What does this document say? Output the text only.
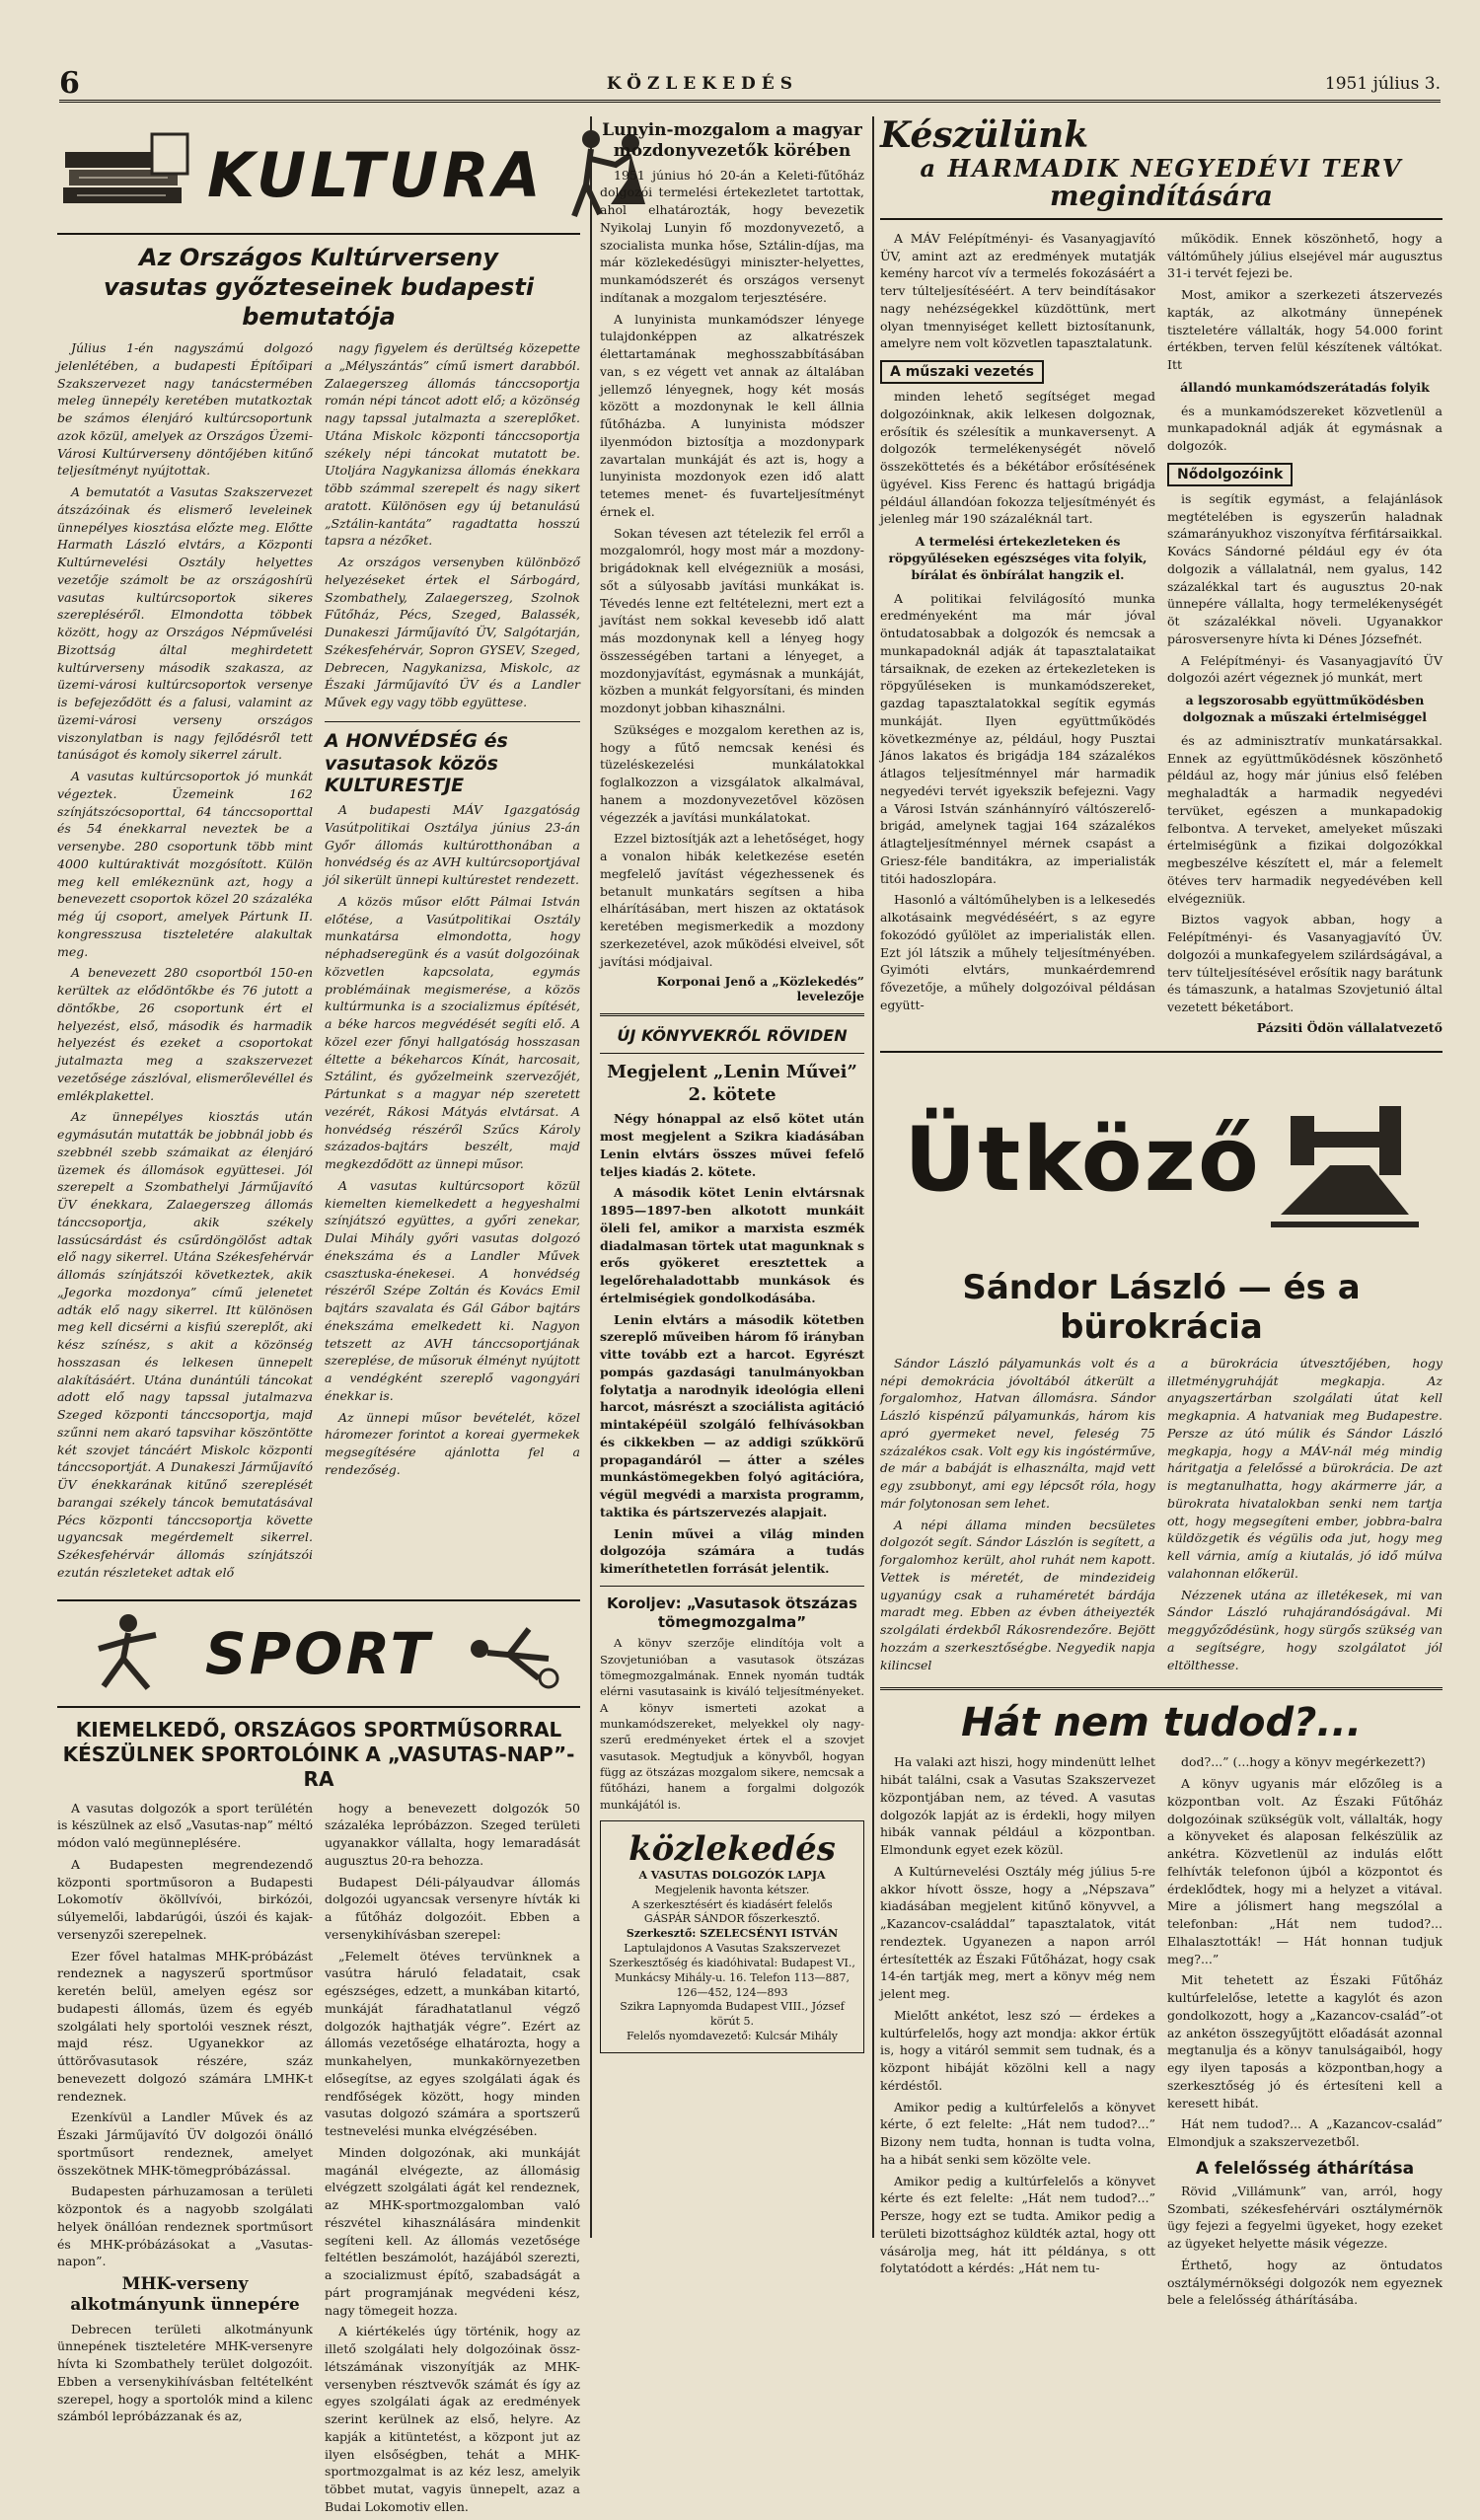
6	KÖZLEKEDÉS	1951 július 3.
KULTURA
Az Országos Kultúrverseny
vasutas győzteseinek budapesti bemutatója

Július 1-én nagyszámú dolgozó jelenlétében, a budapesti Építőipari Szakszervezet nagy tanácstermében meleg ünnepély keretében mutatkoztak be számos élenjáró kultúrcsoportunk azok közül, amelyek az Országos Üzemi-Városi Kultúrverseny döntőjében kitűnő teljesítményt nyújtottak.

A bemutatót a Vasutas Szakszervezet átszázóinak és elismerő leveleinek ünnepélyes kiosztása előzte meg. Előtte Harmath László elvtárs, a Központi Kultúrnevelési Osztály helyettes vezetője számolt be az országoshírü vasutas kultúrcsoportok sikeres szerepléséről. Elmondotta többek között, hogy az Országos Népművelési Bizottság által meghirdetett kultúrverseny második szakasza, az üzemi-városi kultúrcsoportok versenye is befejeződött és a falusi, valamint az üzemi-városi verseny országos viszonylatban is nagy fejlődésről tett tanúságot és komoly sikerrel zárult.

A vasutas kultúrcsoportok jó munkát végeztek. Üzemeink 162 színjátszócsoporttal, 64 tánccsoporttal és 54 énekkarral neveztek be a versenybe. 280 csoportunk több mint 4000 kultúraktivát mozgósított. Külön meg kell emlékeznünk azt, hogy a benevezett csoportok közel 20 százaléka még új csoport, amelyek Pártunk II. kongresszusa tiszteletére alakultak meg.

A benevezett 280 csoportból 150-en kerültek az elődöntőkbe és 76 jutott a döntőkbe, 26 csoportunk ért el helyezést, első, második és harmadik helyezést és ezeket a csoportokat jutalmazta meg a szakszervezet vezetősége zászlóval, elismerőlevéllel és emlékplakettel.

Az ünnepélyes kiosztás után egymásután mutatták be jobbnál jobb és szebbnél szebb számaikat az élenjáró üzemek és állomások együttesei. Jól szerepelt a Szombathelyi Járműjavító ÜV énekkara, Zalaegerszeg állomás tánccsoportja, akik székely lassúcsárdást és csűrdöngölőst adtak elő nagy sikerrel. Utána Székesfehérvár állomás színjátszói következtek, akik „Jegorka mozdonya” című jelenetet adták elő nagy sikerrel. Itt különösen meg kell dicsérni a kisfiú szereplőt, aki kész színész, s akit a közönség hosszasan és lelkesen ünnepelt alakításáért. Utána dunántúli táncokat adott elő nagy tapssal jutalmazva Szeged központi tánccsoportja, majd szűnni nem akaró tapsvihar köszöntötte két szovjet táncáért Miskolc központi tánccsoportját. A Dunakeszi Járműjavító ÜV énekkarának kitűnő szereplését barangai székely táncok bemutatásával Pécs központi tánccsoportja követte ugyancsak megérdemelt sikerrel. Székesfehérvár állomás színjátszói ezután részleteket adtak elő

nagy figyelem és derültség közepette a „Mélyszántás” című ismert darabból. Zalaegerszeg állomás tánccsoportja román népi táncot adott elő; a közönség nagy tapssal jutalmazta a szereplőket. Utána Miskolc központi tánccsoportja székely népi táncokat mutatott be. Utoljára Nagykanizsa állomás énekkara több számmal szerepelt és nagy sikert aratott. Különösen egy új betanulású „Sztálin-kantáta” ragadtatta hosszú tapsra a nézőket.

Az országos versenyben különböző helyezéseket értek el Sárbogárd, Szombathely, Zalaegerszeg, Szolnok Fűtőház, Pécs, Szeged, Balassék, Dunakeszi Járműjavító ÜV, Salgótarján, Székesfehérvár, Sopron GYSEV, Szeged, Debrecen, Nagykanizsa, Miskolc, az Északi Járműjavító ÜV és a Landler Művek egy vagy több együttese.

A HONVÉDSÉG és vasutasok közös KULTURESTJE

A budapesti MÁV Igazgatóság Vasútpolitikai Osztálya június 23-án Győr állomás kultúrotthonában a honvédség és az AVH kultúrcsoportjával jól sikerült ünnepi kultúrestet rendezett.

A közös műsor előtt Pálmai István előtése, a Vasútpolitikai Osztály munkatársa elmondotta, hogy néphadseregünk és a vasút dolgozóinak közvetlen kapcsolata, egymás problémáinak megismerése, a közös kultúrmunka is a szocializmus építését, a béke harcos megvédését segíti elő. A közel ezer főnyi hallgatóság hosszasan éltette a békeharcos Kínát, harcosait, Sztálint, és győzelmeink szervezőjét, Pártunkat s a magyar nép szeretett vezérét, Rákosi Mátyás elvtársat. A honvédség részéről Szűcs Károly százados-bajtárs beszélt, majd megkezdődött az ünnepi műsor.

A vasutas kultúrcsoport közül kiemelten kiemelkedett a hegyeshalmi színjátszó együttes, a győri zenekar, Dulai Mihály győri vasutas dolgozó énekszáma és a Landler Művek csasztuska-énekesei. A honvédség részéről Szépe Zoltán és Kovács Emil bajtárs szavalata és Gál Gábor bajtárs énekszáma emelkedett ki. Nagyon tetszett az AVH tánccsoportjának szereplése, de műsoruk élményt nyújtott a vendégként szereplő vagongyári énekkar is.

Az ünnepi műsor bevételét, közel háromezer forintot a koreai gyermekek megsegítésére ajánlotta fel a rendezőség.

SPORT
KIEMELKEDŐ, ORSZÁGOS SPORTMŰSORRAL KÉSZÜLNEK SPORTOLÓINK A „VASUTAS-NAP”-RA

A vasutas dolgozók a sport terülétén is készülnek az első „Vasutas-nap” méltó módon való megünneplésére.

A Budapesten megrendezendő központi sportműsoron a Budapesti Lokomotív ököllvívói, birkózói, súlyemelői, labdarúgói, úszói és kajak-versenyzői szerepelnek.

Ezer fővel hatalmas MHK-próbázást rendeznek a nagyszerű sportműsor keretén belül, amelyen egész sor budapesti állomás, üzem és egyéb szolgálati hely sportolói vesznek részt, majd rész. Ugyanekkor az úttörővasutasok részére, száz benevezett dolgozó számára LMHK-t rendeznek.

Ezenkívül a Landler Művek és az Északi Járműjavító ÜV dolgozói önálló sportműsort rendeznek, amelyet összekötnek MHK-tömegpróbázással.

Budapesten párhuzamosan a területi központok és a nagyobb szolgálati helyek önállóan rendeznek sportműsort és MHK-próbázásokat a „Vasutas-napon”.

MHK-verseny alkotmányunk ünnepére

Debrecen területi alkotmányunk ünnepének tiszteletére MHK-versenyre hívta ki Szombathely terület dolgozóit. Ebben a versenykihívásban feltételként szerepel, hogy a sportolók mind a kilenc számból lepróbázzanak és az,

hogy a benevezett dolgozók 50 százaléka lepróbázzon. Szeged területi ugyanakkor vállalta, hogy lemaradását augusztus 20-ra behozza.

Budapest Déli-pályaudvar állomás dolgozói ugyancsak versenyre hívták ki a fűtőház dolgozóit. Ebben a versenykihívásban szerepel:

„Felemelt ötéves tervünknek a vasútra háruló feladatait, csak egészséges, edzett, a munkában kitartó, munkáját fáradhatatlanul végző dolgozók hajthatják végre”. Ezért az állomás vezetősége elhatározta, hogy a munkahelyen, munkakörnyezetben elősegítse, az egyes szolgálati ágak és rendfőségek között, hogy minden vasutas dolgozó számára a sportszerű testnevelési munka elvégzésében.

Minden dolgozónak, aki munkáját magánál elvégezte, az állomásig elvégzett szolgálati ágát kel rendeznek, az MHK-sportmozgalomban való részvétel kihasználására mindenkit segíteni kell. Az állomás vezetősége feltétlen beszámolót, hazájából szerezti, a szocializmust építő, szabadságát a párt programjának megvédeni kész, nagy tömegeit hozza.

A kiértékelés úgy történik, hogy az illető szolgálati hely dolgozóinak össz-létszámának viszonyítják az MHK-versenyben résztvevők számát és így az egyes szolgálati ágak az eredmények szerint kerülnek az első, helyre. Az kapják a kitüntetést, a központ jut az ilyen elsőségben, tehát a MHK-sportmozgalmat is az kéz lesz, amelyik többet mutat, vagyis ünnepelt, azaz a Budai Lokomotiv ellen.

Lunyin-mozgalom a magyar mozdonyvezetők körében

1951 június hó 20-án a Keleti-fűtőház dolgozói termelési értekezletet tartottak, ahol elhatározták, hogy bevezetik Nyikolaj Lunyin fő mozdonyvezető, a szocialista munka hőse, Sztálin-díjas, ma már közlekedésügyi miniszter-helyettes, munkamódszerét és országos versenyt indítanak a mozgalom terjesztésére.

A lunyinista munkamódszer lényege tulajdonképpen az alkatrészek élettartamának meghosszabbításában van, s ez végett vet annak az általában jellemző lényegnek, hogy két mosás között a mozdonynak le kell állnia fűtőházba. A lunyinista módszer ilyenmódon biztosítja a mozdonypark zavartalan munkáját és azt is, hogy a lunyinista mozdonyok ezen idő alatt tetemes menet- és fuvarteljesítményt érnek el.

Sokan tévesen azt tételezik fel erről a mozgalomról, hogy most már a mozdony-brigádoknak kell elvégezniük a mosási, sőt a súlyosabb javítási munkákat is. Tévedés lenne ezt feltételezni, mert ezt a javítást nem sokkal kevesebb idő alatt más mozdonynak kell a lényeg hogy összességében tartani a lényeget, a mozdonyjavítást, egymásnak a munkáját, közben a munkát felgyorsítani, és minden mozdonyt jobban kihasználni.

Szükséges e mozgalom kerethen az is, hogy a fűtő nemcsak kenési és tüzeléskezelési munkálatokkal foglalkozzon a vizsgálatok alkalmával, hanem a mozdonyvezetővel közösen végezzék a javítási munkálatokat.

Ezzel biztosítják azt a lehetőséget, hogy a vonalon hibák keletkezése esetén megfelelő javítást végezhessenek és betanult munkatárs segítsen a hiba elhárításában, mert hiszen az oktatások keretében megismerkedik a mozdony szerkezetével, azok működési elveivel, sőt javítási módjaival.

Korponai Jenő a „Közlekedés” levelezője
ÚJ KÖNYVEKRŐL RÖVIDEN
Megjelent „Lenin Művei” 2. kötete

Négy hónappal az első kötet után most megjelent a Szikra kiadásában Lenin elvtárs összes művei fefelő teljes kiadás 2. kötete.

A második kötet Lenin elvtársnak 1895—1897-ben alkotott munkáit öleli fel, amikor a marxista eszmék diadalmasan törtek utat magunknak s erős gyökeret eresztettek a legelőrehaladottabb munkások és értelmiségiek gondolkodásába.

Lenin elvtárs a második kötetben szereplő műveiben három fő irányban vitte tovább ezt a harcot. Egyrészt pompás gazdasági tanulmányokban folytatja a narodnyik ideológia elleni harcot, másrészt a szociálista agitáció mintaképéül szolgáló felhívásokban és cikkekben — az addigi szűkkörű propagandáról — átter a széles munkástömegekben folyó agitációra, végül megvédi a marxista programm, taktika és pártszervezés alapjait.

Lenin művei a világ minden dolgozója számára a tudás kimeríthetetlen forrását jelentik.

Koroljev: „Vasutasok ötszázas tömegmozgalma”

A könyv szerzője elindítója volt a Szovjetunióban a vasutasok ötszázas tömegmozgalmának. Ennek nyomán tudták elérni vasutasaink is kiváló teljesítményeket. A könyv ismerteti azokat a munkamódszereket, melyekkel oly nagy-szerű eredményeket értek el a szovjet vasutasok. Megtudjuk a könyvből, hogyan függ az ötszázas mozgalom sikere, nemcsak a fűtőházi, hanem a forgalmi dolgozók munkájától is.

közlekedés
A VASUTAS DOLGOZÓK LAPJA
Megjelenik havonta kétszer.
A szerkesztésért és kiadásért felelős GÁSPÁR SÁNDOR főszerkesztő.
Szerkesztő: SZELECSÉNYI ISTVÁN
Laptulajdonos A Vasutas Szakszervezet Szerkesztőség és kiadóhivatal: Budapest VI., Munkácsy Mihály-u. 16. Telefon 113—887, 126—452, 124—893
Szikra Lapnyomda Budapest VIII., József körút 5.
Felelős nyomdavezető: Kulcsár Mihály
Készülünk
a HARMADIK NEGYEDÉVI TERV
megindítására

A MÁV Felépítményi- és Vasanyagjavító ÜV, amint azt az eredmények mutatják kemény harcot vív a termelés fokozásáért a terv túlteljesítéséért. A terv beindításakor nagy nehézségekkel küzdöttünk, mert olyan tmennyiséget kellett biztosítanunk, amelyre nem volt közvetlen tapasztalatunk.

A műszaki vezetés

minden lehető segítséget megad dolgozóinknak, akik lelkesen dolgoznak, erősítik és szélesítik a munkaversenyt. A dolgozók termelékenységét növelő összeköttetés és a békétábor erősítésének ügyével. Kiss Ferenc és hattagú brigádja például állandóan fokozza teljesítményét és jelenleg már 190 százaléknál tart.

A termelési értekezleteken és röpgyűléseken egészséges vita folyik, bírálat és önbírálat hangzik el.

A politikai felvilágosító munka eredményeként ma már jóval öntudatosabbak a dolgozók és nemcsak a munkapadoknál adják át tapasztalataikat társaiknak, de ezeken az értekezleteken is röpgyűléseken is munkamódszereket, gazdag tapasztalatokkal segítik egymás munkáját. Ilyen együttműködés következménye az, például, hogy Pusztai János lakatos és brigádja 184 százalékos átlagos teljesítménnyel már harmadik negyedévi tervét igyekszik befejezni. Vagy a Városi István szánhánnyíró váltószerelő-brigád, amelynek tagjai 164 százalékos átlagteljesítménnyel mérnek csapást a Griesz-féle banditákra, az imperialisták titói hadoszlopára.

Hasonló a váltóműhelyben is a lelkesedés alkotásaink megvédéséért, s az egyre fokozódó gyűlölet az imperialisták ellen. Ezt jól látszik a műhely teljesítményében. Gyimóti elvtárs, munkaérdemrend fővezetője, a műhely dolgozóival példásan együtt-

működik. Ennek köszönhető, hogy a váltóműhely július elsejével már augusztus 31-i tervét fejezi be.

Most, amikor a szerkezeti átszervezés kapták, az alkotmány ünnepének tiszteletére vállalták, hogy 54.000 forint értékben, terven felül készítenek váltókat. Itt

állandó munkamódszerátadás folyik

és a munkamódszereket közvetlenül a munkapadoknál adják át egymásnak a dolgozók.

Nődolgozóink

is segítik egymást, a felajánlások megtételében is egyszerűn haladnak számarányukhoz viszonyítva férfitársaikkal. Kovács Sándorné például egy év óta dolgozik a vállalatnál, nem gyalus, 142 százalékkal tart és augusztus 20-nak ünnepére vállalta, hogy termelékenységét öt százalékkal növeli. Ugyanakkor párosversenyre hívta ki Dénes Józsefnét.

A Felépítményi- és Vasanyagjavító ÜV dolgozói azért végeznek jó munkát, mert

a legszorosabb együttműködésben dolgoznak a műszaki értelmiséggel

és az adminisztratív munkatársakkal. Ennek az együttműködésnek köszönhető például az, hogy már június első felében meghaladták a harmadik negyedévi tervüket, egészen a munkapadokig felbontva. A terveket, amelyeket műszaki értelmiségünk a fizikai dolgozókkal megbeszélve készített el, már a felemelt ötéves terv harmadik negyedévében kell elvégezniük.

Biztos vagyok abban, hogy a Felépítményi- és Vasanyagjavító ÜV. dolgozói a munkafegyelem szilárdságával, a terv túlteljesítésével erősítik nagy barátunk és támaszunk, a hatalmas Szovjetunió által vezetett béketábort.

Pázsiti Ödön vállalatvezető
Ütköző
Sándor László — és a bürokrácia

Sándor László pályamunkás volt és a népi demokrácia jóvoltából átkerült a forgalomhoz, Hatvan állomásra. Sándor László kispénzű pályamunkás, három kis apró gyermeket nevel, feleség 75 százalékos csak. Volt egy kis ingóstérműve, de már a babáját is elhasználta, majd vett egy zsubbonyt, ami egy lépcsőt róla, hogy már folytonosan sem lehet.

A népi állama minden becsületes dolgozót segít. Sándor Lászlón is segített, a forgalomhoz került, ahol ruhát nem kapott. Vettek is méretét, de mindezideig ugyanúgy csak a ruhaméretét bárdája maradt meg. Ebben az évben átheiyezték szolgálati érdekből Rákosrendezőre. Bejött hozzám a szerkesztőségbe. Negyedik napja kilincsel

a bürokrácia útvesztőjében, hogy illetménygruháját megkapja. Az anyagszertárban szolgálati útat kell megkapnia. A hatvaniak meg Budapestre. Persze az útó múlik és Sándor László megkapja, hogy a MÁV-nál még mindig háritgatja a felelőssé a bürokrácia. De azt is megtanulhatta, hogy akármerre jár, a bürokrata hivatalokban senki nem tartja ott, hogy megsegíteni ember, jobbra-balra küldözgetik és végülis oda jut, hogy meg kell várnia, amíg a kiutalás, jó idő múlva valahonnan előkerül.

Nézzenek utána az illetékesek, mi van Sándor László ruhajárandóságával. Mi meggyőződésünk, hogy sürgős szükség van a segítségre, hogy szolgálatot jól eltölthesse.

Hát nem tudod?...

Ha valaki azt hiszi, hogy mindenütt lelhet hibát találni, csak a Vasutas Szakszervezet központjában nem, az téved. A vasutas dolgozók lapját az is érdekli, hogy milyen hibák vannak például a központban. Elmondunk egyet ezek közül.

A Kultúrnevelési Osztály még július 5-re akkor hívott össze, hogy a „Népszava” kiadásában megjelent kitűnő könyvvel, a „Kazancov-családdal” tapasztalatok, vitát rendeztek. Ugyanezen a napon arról értesítették az Északi Fűtőházat, hogy csak 14-én tartják meg, mert a könyv még nem jelent meg.

Mielőtt ankétot, lesz szó — érdekes a kultúrfelelős, hogy azt mondja: akkor értük is, hogy a vitáról semmit sem tudnak, és a központ hibáját közölni kell a nagy kérdéstől.

Amikor pedig a kultúrfelelős a könyvet kérte, ő ezt felelte: „Hát nem tudod?...” Bizony nem tudta, honnan is tudta volna, ha a hibát senki sem közölte vele.

Amikor pedig a kultúrfelelős a könyvet kérte és ezt felelte: „Hát nem tudod?...” Persze, hogy ezt se tudta. Amikor pedig a területi bizottsághoz küldték aztal, hogy ott vásárolja meg, hát itt példánya, s ott folytatódott a kérdés: „Hát nem tu-

dod?...” (...hogy a könyv megérkezett?)

A könyv ugyanis már előzőleg is a központban volt. Az Északi Fűtőház dolgozóinak szükségük volt, vállalták, hogy a könyveket és alaposan felkészülik az ankétra. Közvetlenül az indulás előtt felhívták telefonon újból a központot és érdeklődtek, hogy mi a helyzet a vitával. Mire a jólismert hang megszólal a telefonban: „Hát nem tudod?... Elhalasztották! — Hát honnan tudjuk meg?...”

Mit tehetett az Északi Fűtőház kultúrfelelőse, letette a kagylót és azon gondolkozott, hogy a „Kazancov-család”-ot az ankéton összegyűjtött előadását azonnal megtanulja és a könyv tanulságaiból, hogy egy ilyen taposás a központban,hogy a szerkesztőség jó és értesíteni kell a keresett hibát.

Hát nem tudod?... A „Kazancov-család” Elmondjuk a szakszervezetből.

A felelősség áthárítása

Rövid „Villámunk” van, arról, hogy Szombati, székesfehérvári osztálymérnök ügy fejezi a fegyelmi ügyeket, hogy ezeket az ügyeket helyette másik végezze.

Érthető, hogy az öntudatos osztálymérnökségi dolgozók nem egyeznek bele a felelősség áthárításába.
